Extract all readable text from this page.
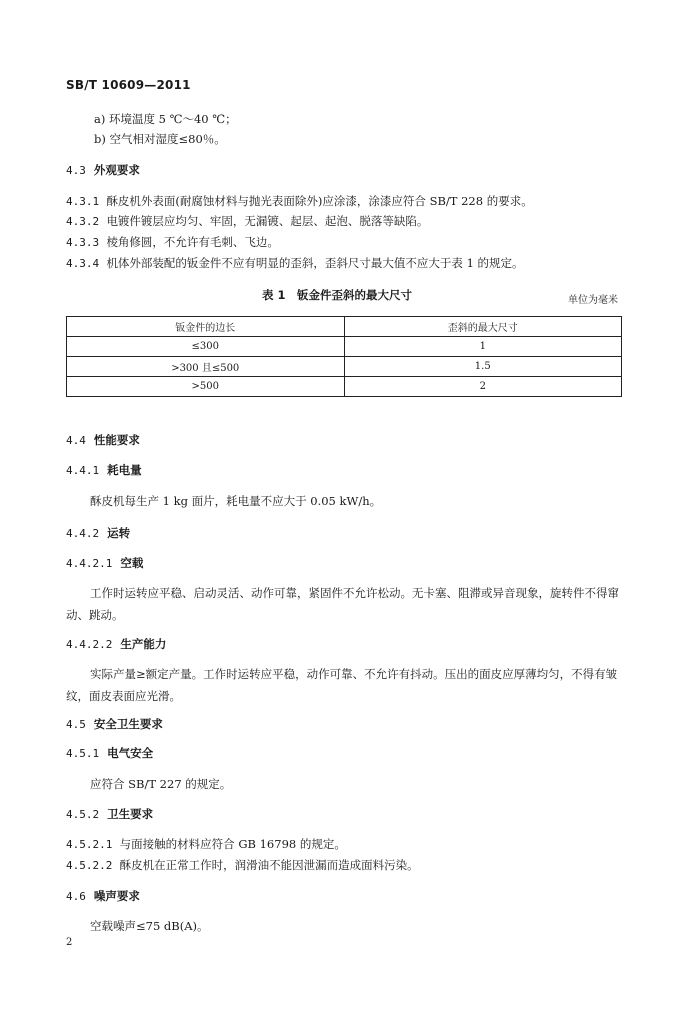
SB/T 10609—2011
a) 环境温度 5 ℃～40 ℃；
b) 空气相对湿度≤80％。
4.3 外观要求
4.3.1 酥皮机外表面(耐腐蚀材料与抛光表面除外)应涂漆，涂漆应符合 SB/T 228 的要求。
4.3.2 电镀件镀层应均匀、牢固，无漏镀、起层、起泡、脱落等缺陷。
4.3.3 棱角修圆，不允许有毛刺、飞边。
4.3.4 机体外部装配的钣金件不应有明显的歪斜，歪斜尺寸最大值不应大于表 1 的规定。
表 1　钣金件歪斜的最大尺寸	单位为毫米
钣金件的边长	歪斜的最大尺寸
≤300	1
>300 且≤500	1.5
>500	2
4.4 性能要求
4.4.1 耗电量
酥皮机每生产 1 kg 面片，耗电量不应大于 0.05 kW/h。
4.4.2 运转
4.4.2.1 空载
工作时运转应平稳、启动灵活、动作可靠，紧固件不允许松动。无卡塞、阻滞或异音现象，旋转件不得窜动、跳动。
4.4.2.2 生产能力
实际产量≥额定产量。工作时运转应平稳，动作可靠、不允许有抖动。压出的面皮应厚薄均匀，不得有皱纹，面皮表面应光滑。
4.5 安全卫生要求
4.5.1 电气安全
应符合 SB/T 227 的规定。
4.5.2 卫生要求
4.5.2.1 与面接触的材料应符合 GB 16798 的规定。
4.5.2.2 酥皮机在正常工作时，润滑油不能因泄漏而造成面料污染。
4.6 噪声要求
空载噪声≤75 dB(A)。
2
